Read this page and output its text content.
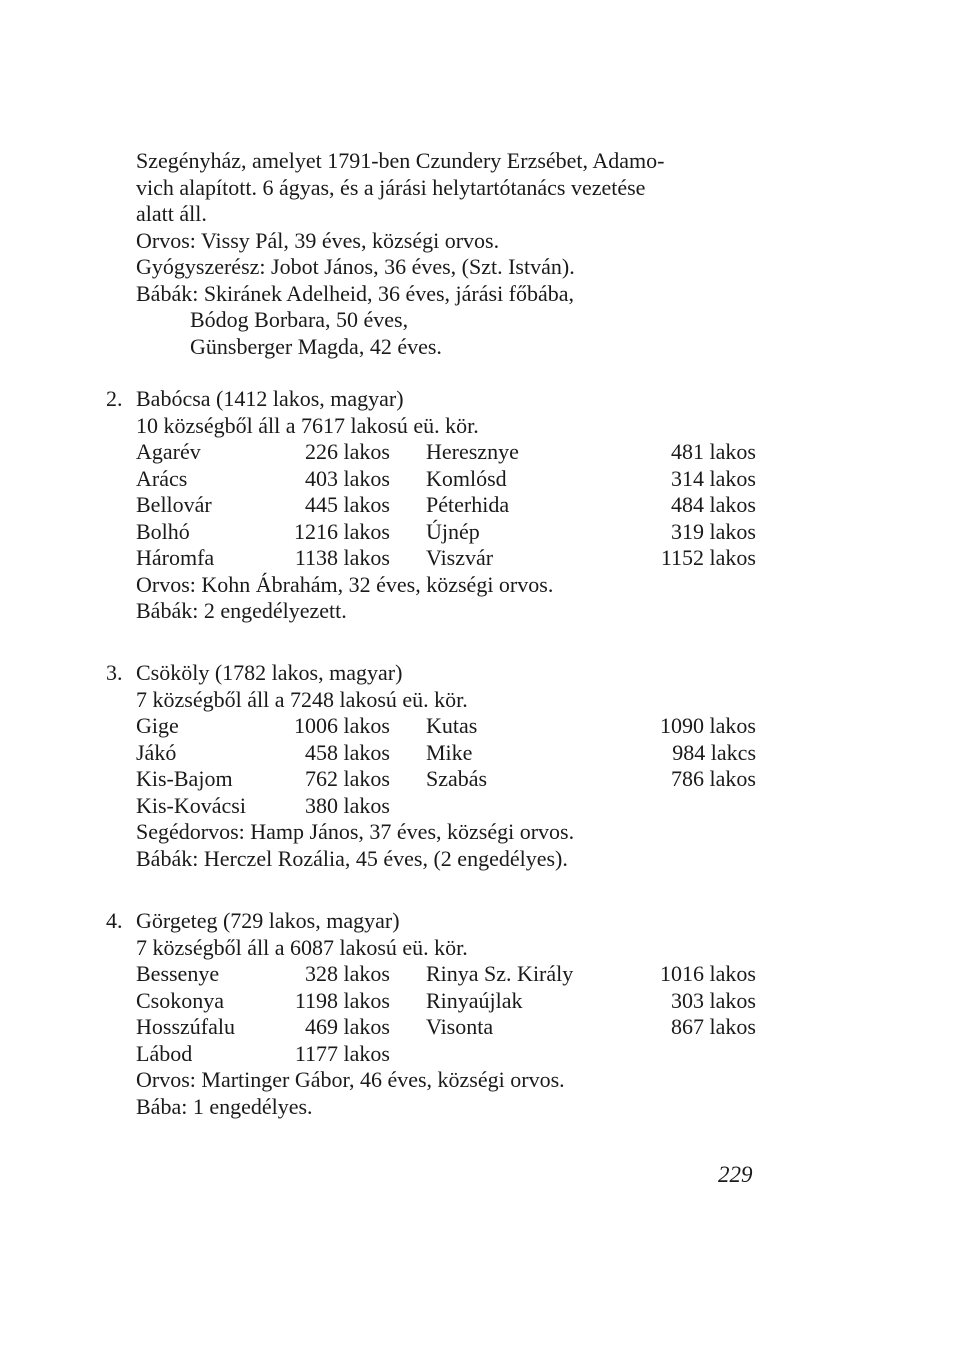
Szegényház, amelyet 1791-ben Czundery Erzsébet, Adamo-
vich alapított. 6 ágyas, és a járási helytartótanács vezetése
alatt áll.
Orvos: Vissy Pál, 39 éves, községi orvos.
Gyógyszerész: Jobot János, 36 éves, (Szt. István).
Bábák: Skiránek Adelheid, 36 éves, járási főbába,
Bódog Borbara, 50 éves,
Günsberger Magda, 42 éves.
2. Babócsa (1412 lakos, magyar)
10 községből áll a 7617 lakosú eü. kör.
Agarév	226 lakos Heresznye	481 lakos
Arács	403 lakos Komlósd	314 lakos
Bellovár	445 lakos Péterhida	484 lakos
Bolhó	1216 lakos Újnép	319 lakos
Háromfa	1138 lakos Viszvár	1152 lakos
Orvos: Kohn Ábrahám, 32 éves, községi orvos.
Bábák: 2 engedélyezett.
3. Csököly (1782 lakos, magyar)
7 községből áll a 7248 lakosú eü. kör.
Gige	1006 lakos Kutas	1090 lakos
Jákó	458 lakos Mike	984 lakcs
Kis-Bajom	762 lakos Szabás	786 lakos
Kis-Kovácsi	380 lakos
Segédorvos: Hamp János, 37 éves, községi orvos.
Bábák: Herczel Rozália, 45 éves, (2 engedélyes).
4. Görgeteg (729 lakos, magyar)
7 községből áll a 6087 lakosú eü. kör.
Bessenye	328 lakos Rinya Sz. Király	1016 lakos
Csokonya	1198 lakos Rinyaújlak	303 lakos
Hosszúfalu	469 lakos Visonta	867 lakos
Lábod	1177 lakos
Orvos: Martinger Gábor, 46 éves, községi orvos.
Bába: 1 engedélyes.
229
